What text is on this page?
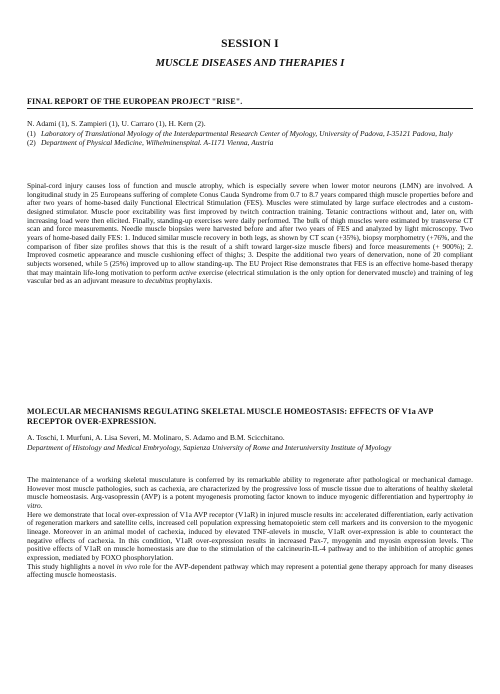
SESSION I
MUSCLE DISEASES AND THERAPIES I
FINAL REPORT OF THE EUROPEAN PROJECT "RISE".
N. Adami (1), S. Zampieri (1), U. Carraro (1), H. Kern (2).
(1) Laboratory of Translational Myology of the Interdepartmental Research Center of Myology, University of Padova, I-35121 Padova, Italy
(2) Department of Physical Medicine, Wilhelminenspital. A-1171 Vienna, Austria

Spinal-cord injury causes loss of function and muscle atrophy, which is especially severe when lower motor neurons (LMN) are involved. A longitudinal study in 25 Europeans suffering of complete Conus Cauda Syndrome from 0.7 to 8.7 years compared thigh muscle properties before and after two years of home-based daily Functional Electrical Stimulation (FES). Muscles were stimulated by large surface electrodes and a custom-designed stimulator. Muscle poor excitability was first improved by twitch contraction training. Tetanic contractions without and, later on, with increasing load were then elicited. Finally, standing-up exercises were daily performed. The bulk of thigh muscles were estimated by transverse CT scan and force measurements. Needle muscle biopsies were harvested before and after two years of FES and analyzed by light microscopy. Two years of home-based daily FES: 1. Induced similar muscle recovery in both legs, as shown by CT scan (+35%), biopsy morphometry (+76%, and the comparison of fiber size profiles shows that this is the result of a shift toward larger-size muscle fibers) and force measurements (+ 900%); 2. Improved cosmetic appearance and muscle cushioning effect of thighs; 3. Despite the additional two years of denervation, none of 20 compliant subjects worsened, while 5 (25%) improved up to allow standing-up. The EU Project Rise demonstrates that FES is an effective home-based therapy that may maintain life-long motivation to perform active exercise (electrical stimulation is the only option for denervated muscle) and training of leg vascular bed as an adjuvant measure to decubitus prophylaxis.

MOLECULAR MECHANISMS REGULATING SKELETAL MUSCLE HOMEOSTASIS: EFFECTS OF V1a AVP RECEPTOR OVER-EXPRESSION.
A. Toschi, I. Murfuni, A. Lisa Severi, M. Molinaro, S. Adamo and B.M. Scicchitano.
Department of Histology and Medical Embryology, Sapienza University of Rome and Interuniversity Institute of Myology

The maintenance of a working skeletal musculature is conferred by its remarkable ability to regenerate after pathological or mechanical damage. However most muscle pathologies, such as cachexia, are characterized by the progressive loss of muscle tissue due to alterations of healthy skeletal muscle homeostasis. Arg-vasopressin (AVP) is a potent myogenesis promoting factor known to induce myogenic differentiation and hypertrophy in vitro.

Here we demonstrate that local over-expression of V1a AVP receptor (V1aR) in injured muscle results in: accelerated differentiation, early activation of regeneration markers and satellite cells, increased cell population expressing hematopoietic stem cell markers and its conversion to the myogenic lineage. Moreover in an animal model of cachexia, induced by elevated TNF-αlevels in muscle, V1aR over-expression is able to counteract the negative effects of cachexia. In this condition, V1aR over-expression results in increased Pax-7, myogenin and myosin expression levels. The positive effects of V1aR on muscle homeostasis are due to the stimulation of the calcineurin-IL-4 pathway and to the inhibition of atrophic genes expression, mediated by FOXO phosphorylation.

This study highlights a novel in vivo role for the AVP-dependent pathway which may represent a potential gene therapy approach for many diseases affecting muscle homeostasis.
